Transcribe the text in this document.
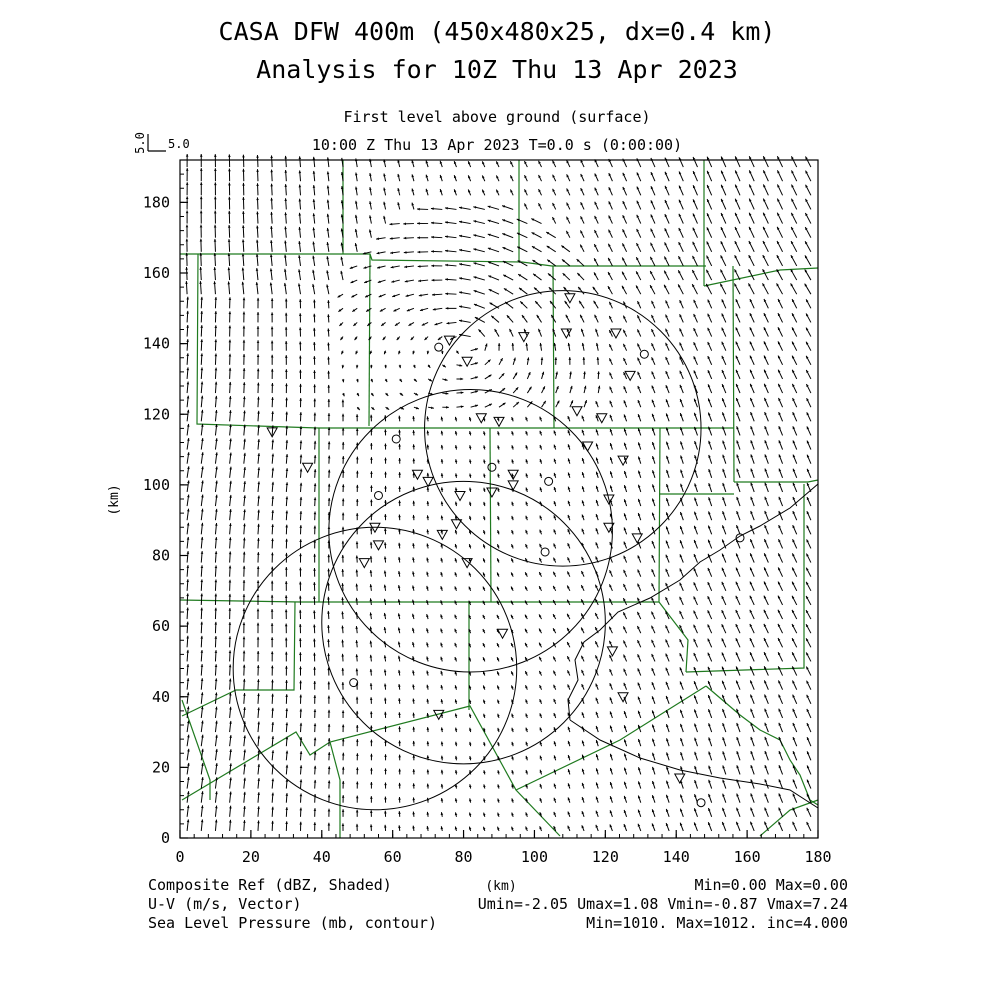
CASA DFW 400m (450x480x25, dx=0.4 km)
Analysis for 10Z Thu 13 Apr 2023
First level above ground (surface)
10:00 Z Thu 13 Apr 2023 T=0.0 s (0:00:00)
5.0 5.0
0	20	40	60	80	100	120	140	160	180
0
20
40
60
80
100
120
140
160
180
(km)
(km)
Composite Ref (dBZ, Shaded)
U-V (m/s, Vector)
Sea Level Pressure (mb, contour)
Min=0.00 Max=0.00
Umin=-2.05 Umax=1.08 Vmin=-0.87 Vmax=7.24
Min=1010. Max=1012. inc=4.000
